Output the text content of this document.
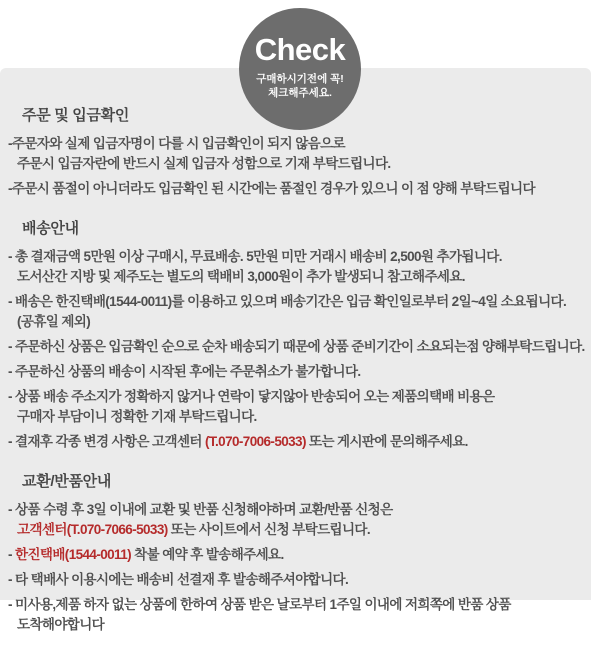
Check
구매하시기전에 꼭!
체크해주세요.
주문 및 입금확인

-주문자와 실제 입금자명이 다를 시 입금확인이 되지 않음으로
주문시 입금자란에 반드시 실제 입금자 성함으로 기재 부탁드립니다.

-주문시 품절이 아니더라도 입금확인 된 시간에는 품절인 경우가 있으니 이 점 양해 부탁드립니다

배송안내

- 총 결재금액 5만원 이상 구매시, 무료배송. 5만원 미만 거래시 배송비 2,500원 추가됩니다.
도서산간 지방 및 제주도는 별도의 택배비 3,000원이 추가 발생되니 참고해주세요.

- 배송은 한진택배(1544-0011)를 이용하고 있으며 배송기간은 입금 확인일로부터 2일~4일 소요됩니다.
(공휴일 제외)

- 주문하신 상품은 입금확인 순으로 순차 배송되기 때문에 상품 준비기간이 소요되는점 양해부탁드립니다.

- 주문하신 상품의 배송이 시작된 후에는 주문취소가 불가합니다.

- 상품 배송 주소지가 정확하지 않거나 연락이 닿지않아 반송되어 오는 제품의택배 비용은
구매자 부담이니 정확한 기재 부탁드립니다.

- 결재후 각종 변경 사항은 고객센터 (T.070-7006-5033) 또는 게시판에 문의해주세요.

교환/반품안내

- 상품 수령 후 3일 이내에 교환 및 반품 신청해야하며 교환/반품 신청은
고객센터(T.070-7066-5033) 또는 사이트에서 신청 부탁드립니다.

- 한진택배(1544-0011) 착불 예약 후 발송해주세요.

- 타 택배사 이용시에는 배송비 선결재 후 발송해주셔야합니다.

- 미사용,제품 하자 없는 상품에 한하여 상품 받은 날로부터 1주일 이내에 저희쪽에 반품 상품
도착해야합니다
